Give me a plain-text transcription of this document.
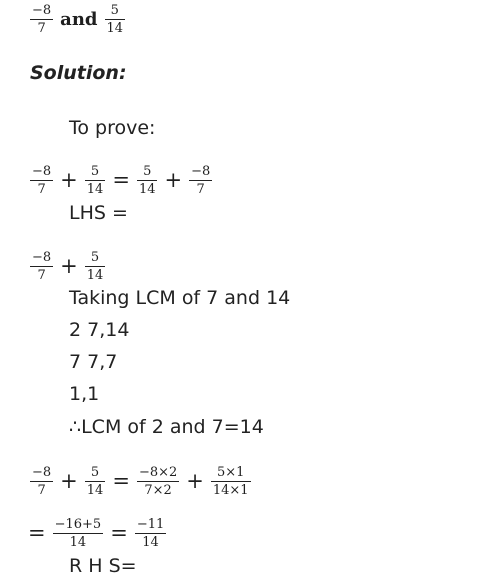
$\frac{-8}{7}$ and $\frac{5}{14}$
Solution:
To prove:
$\frac{-8}{7} + \frac{5}{14} = \frac{5}{14} + \frac{-8}{7}$
LHS =
$\frac{-8}{7} + \frac{5}{14}$
Taking LCM of 7 and 14
2 7,14
7 7,7
1,1
∴LCM of 2 and 7=14
$\frac{-8}{7} + \frac{5}{14} = \frac{-8\times 2}{7\times 2} + \frac{5\times 1}{14\times 1}$
= $\frac{-16+5}{14} = \frac{-11}{14}$
R H S=
